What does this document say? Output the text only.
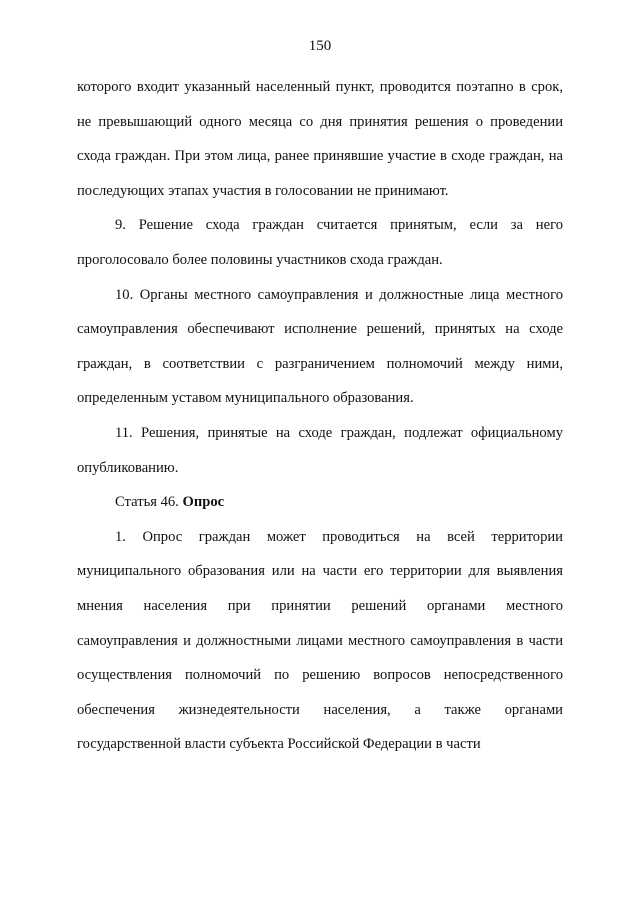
150

которого входит указанный населенный пункт, проводится поэтапно в срок, не превышающий одного месяца со дня принятия решения о проведении схода граждан. При этом лица, ранее принявшие участие в сходе граждан, на последующих этапах участия в голосовании не принимают.

9. Решение схода граждан считается принятым, если за него проголосовало более половины участников схода граждан.

10. Органы местного самоуправления и должностные лица местного самоуправления обеспечивают исполнение решений, принятых на сходе граждан, в соответствии с разграничением полномочий между ними, определенным уставом муниципального образования.

11. Решения, принятые на сходе граждан, подлежат официальному опубликованию.

Статья 46. Опрос

1. Опрос граждан может проводиться на всей территории муниципального образования или на части его территории для выявления мнения населения при принятии решений органами местного самоуправления и должностными лицами местного самоуправления в части осуществления полномочий по решению вопросов непосредственного обеспечения жизнедеятельности населения, а также органами государственной власти субъекта Российской Федерации в части
